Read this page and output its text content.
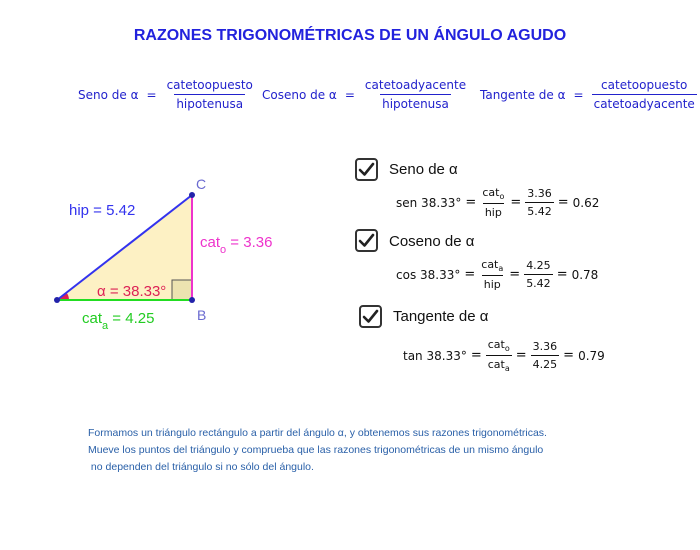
RAZONES TRIGONOMÉTRICAS DE UN ÁNGULO AGUDO
Seno de $\alpha = \frac{\text{catetoopuesto}}{\text{hipotenusa}}$ Coseno de $\alpha = \frac{\text{catetoadyacente}}{\text{hipotenusa}}$ Tangente de $\alpha = \frac{\text{catetoopuesto}}{\text{catetoadyacente}}$
C
B
hip = 5.42
cat$_o$ = 3.36
α = 38.33°
cat$_a$ = 4.25
Seno de α
sen $38.33^\circ = \frac{cat_o}{\text{hip}} = \frac{3.36}{5.42} = 0.62$
Coseno de α
$\cos 38.33^\circ = \frac{cat_a}{\text{hip}} = \frac{4.25}{5.42} = 0.78$
Tangente de α
$\tan 38.33^\circ = \frac{cat_o}{cat_a} = \frac{3.36}{4.25} = 0.79$
Formamos un triángulo rectángulo a partir del ángulo α, y obtenemos sus razones trigonométricas.
Mueve los puntos del triángulo y comprueba que las razones trigonométricas de un mismo ángulo
no dependen del triángulo si no sólo del ángulo.
